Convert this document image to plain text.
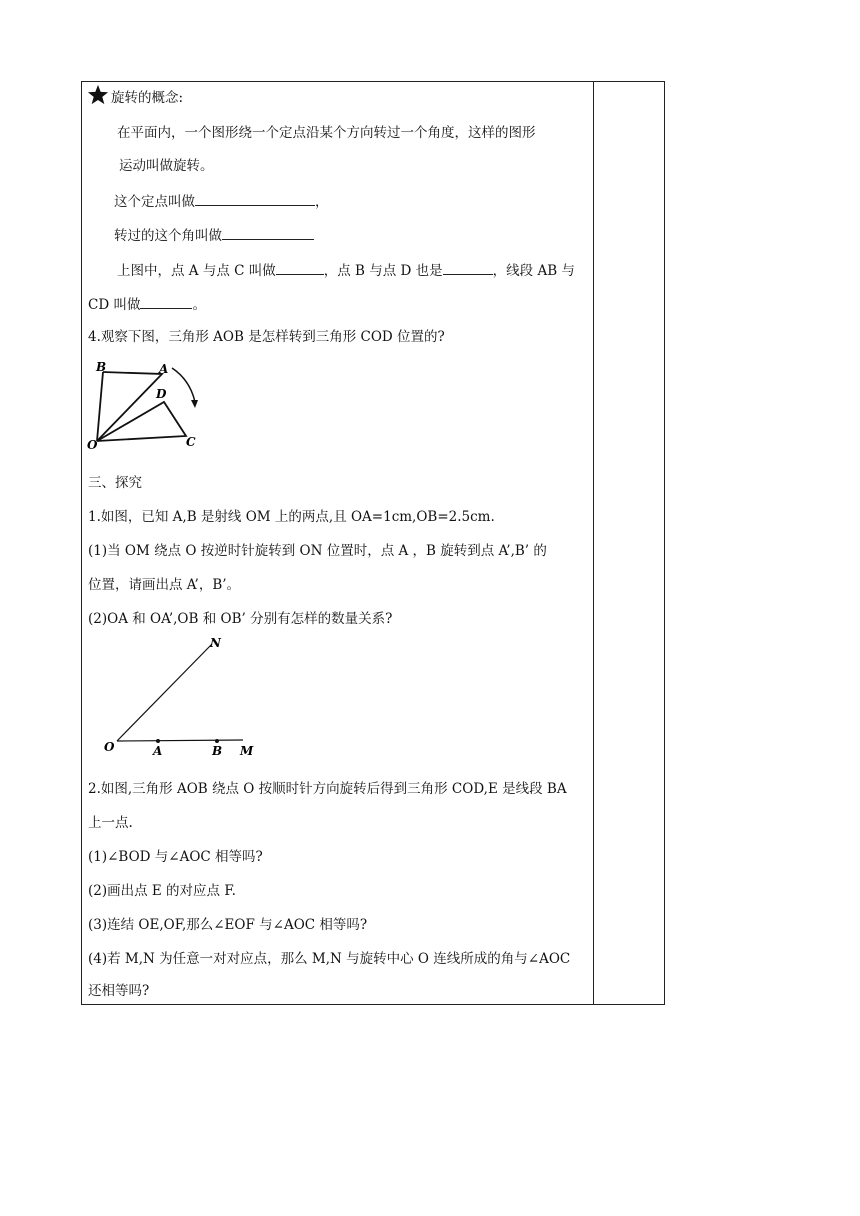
旋转的概念:
在平面内，一个图形绕一个定点沿某个方向转过一个角度，这样的图形
运动叫做旋转。
这个定点叫做	，
转过的这个角叫做
上图中，点 A 与点 C 叫做	，点 B 与点 D 也是	，线段 AB 与
CD 叫做	。
4.观察下图，三角形 AOB 是怎样转到三角形 COD 位置的?
B	A
D
O	C
三、探究
1.如图，已知 A,B 是射线 OM 上的两点,且 OA=1cm,OB=2.5cm.
(1)当 OM 绕点 O 按逆时针旋转到 ON 位置时，点 A ，B 旋转到点 A’,B’ 的
位置，请画出点 A’，B’。
(2)OA 和 OA’,OB 和 OB’ 分别有怎样的数量关系?
N
O	A	B M
2.如图,三角形 AOB 绕点 O 按顺时针方向旋转后得到三角形 COD,E 是线段 BA
上一点.
(1)∠BOD 与∠AOC 相等吗?
(2)画出点 E 的对应点 F.
(3)连结 OE,OF,那么∠EOF 与∠AOC 相等吗?
(4)若 M,N 为任意一对对应点，那么 M,N 与旋转中心 O 连线所成的角与∠AOC
还相等吗?
